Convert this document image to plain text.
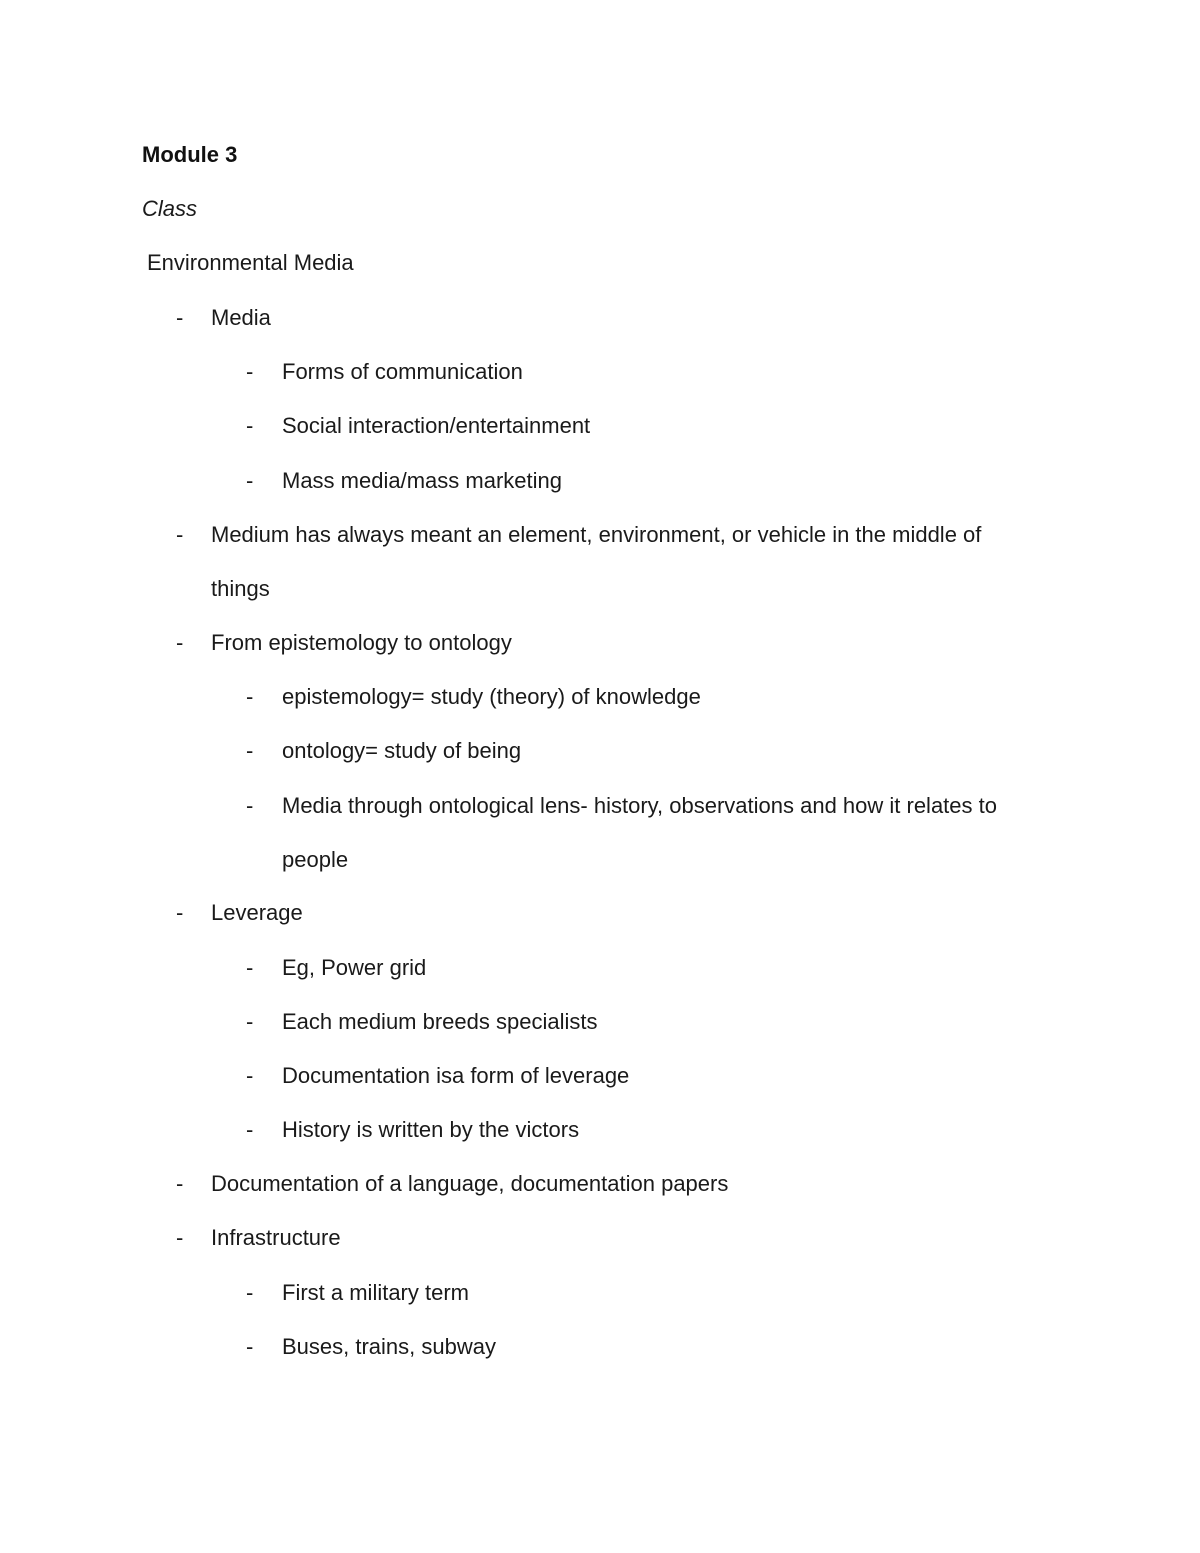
Module 3
Class
Environmental Media
- Media
- Forms of communication
- Social interaction/entertainment
- Mass media/mass marketing
- Medium has always meant an element, environment, or vehicle in the middle of
things
- From epistemology to ontology
- epistemology= study (theory) of knowledge
- ontology= study of being
- Media through ontological lens- history, observations and how it relates to
people
- Leverage
- Eg, Power grid
- Each medium breeds specialists
- Documentation isa form of leverage
- History is written by the victors
- Documentation of a language, documentation papers
- Infrastructure
- First a military term
- Buses, trains, subway
